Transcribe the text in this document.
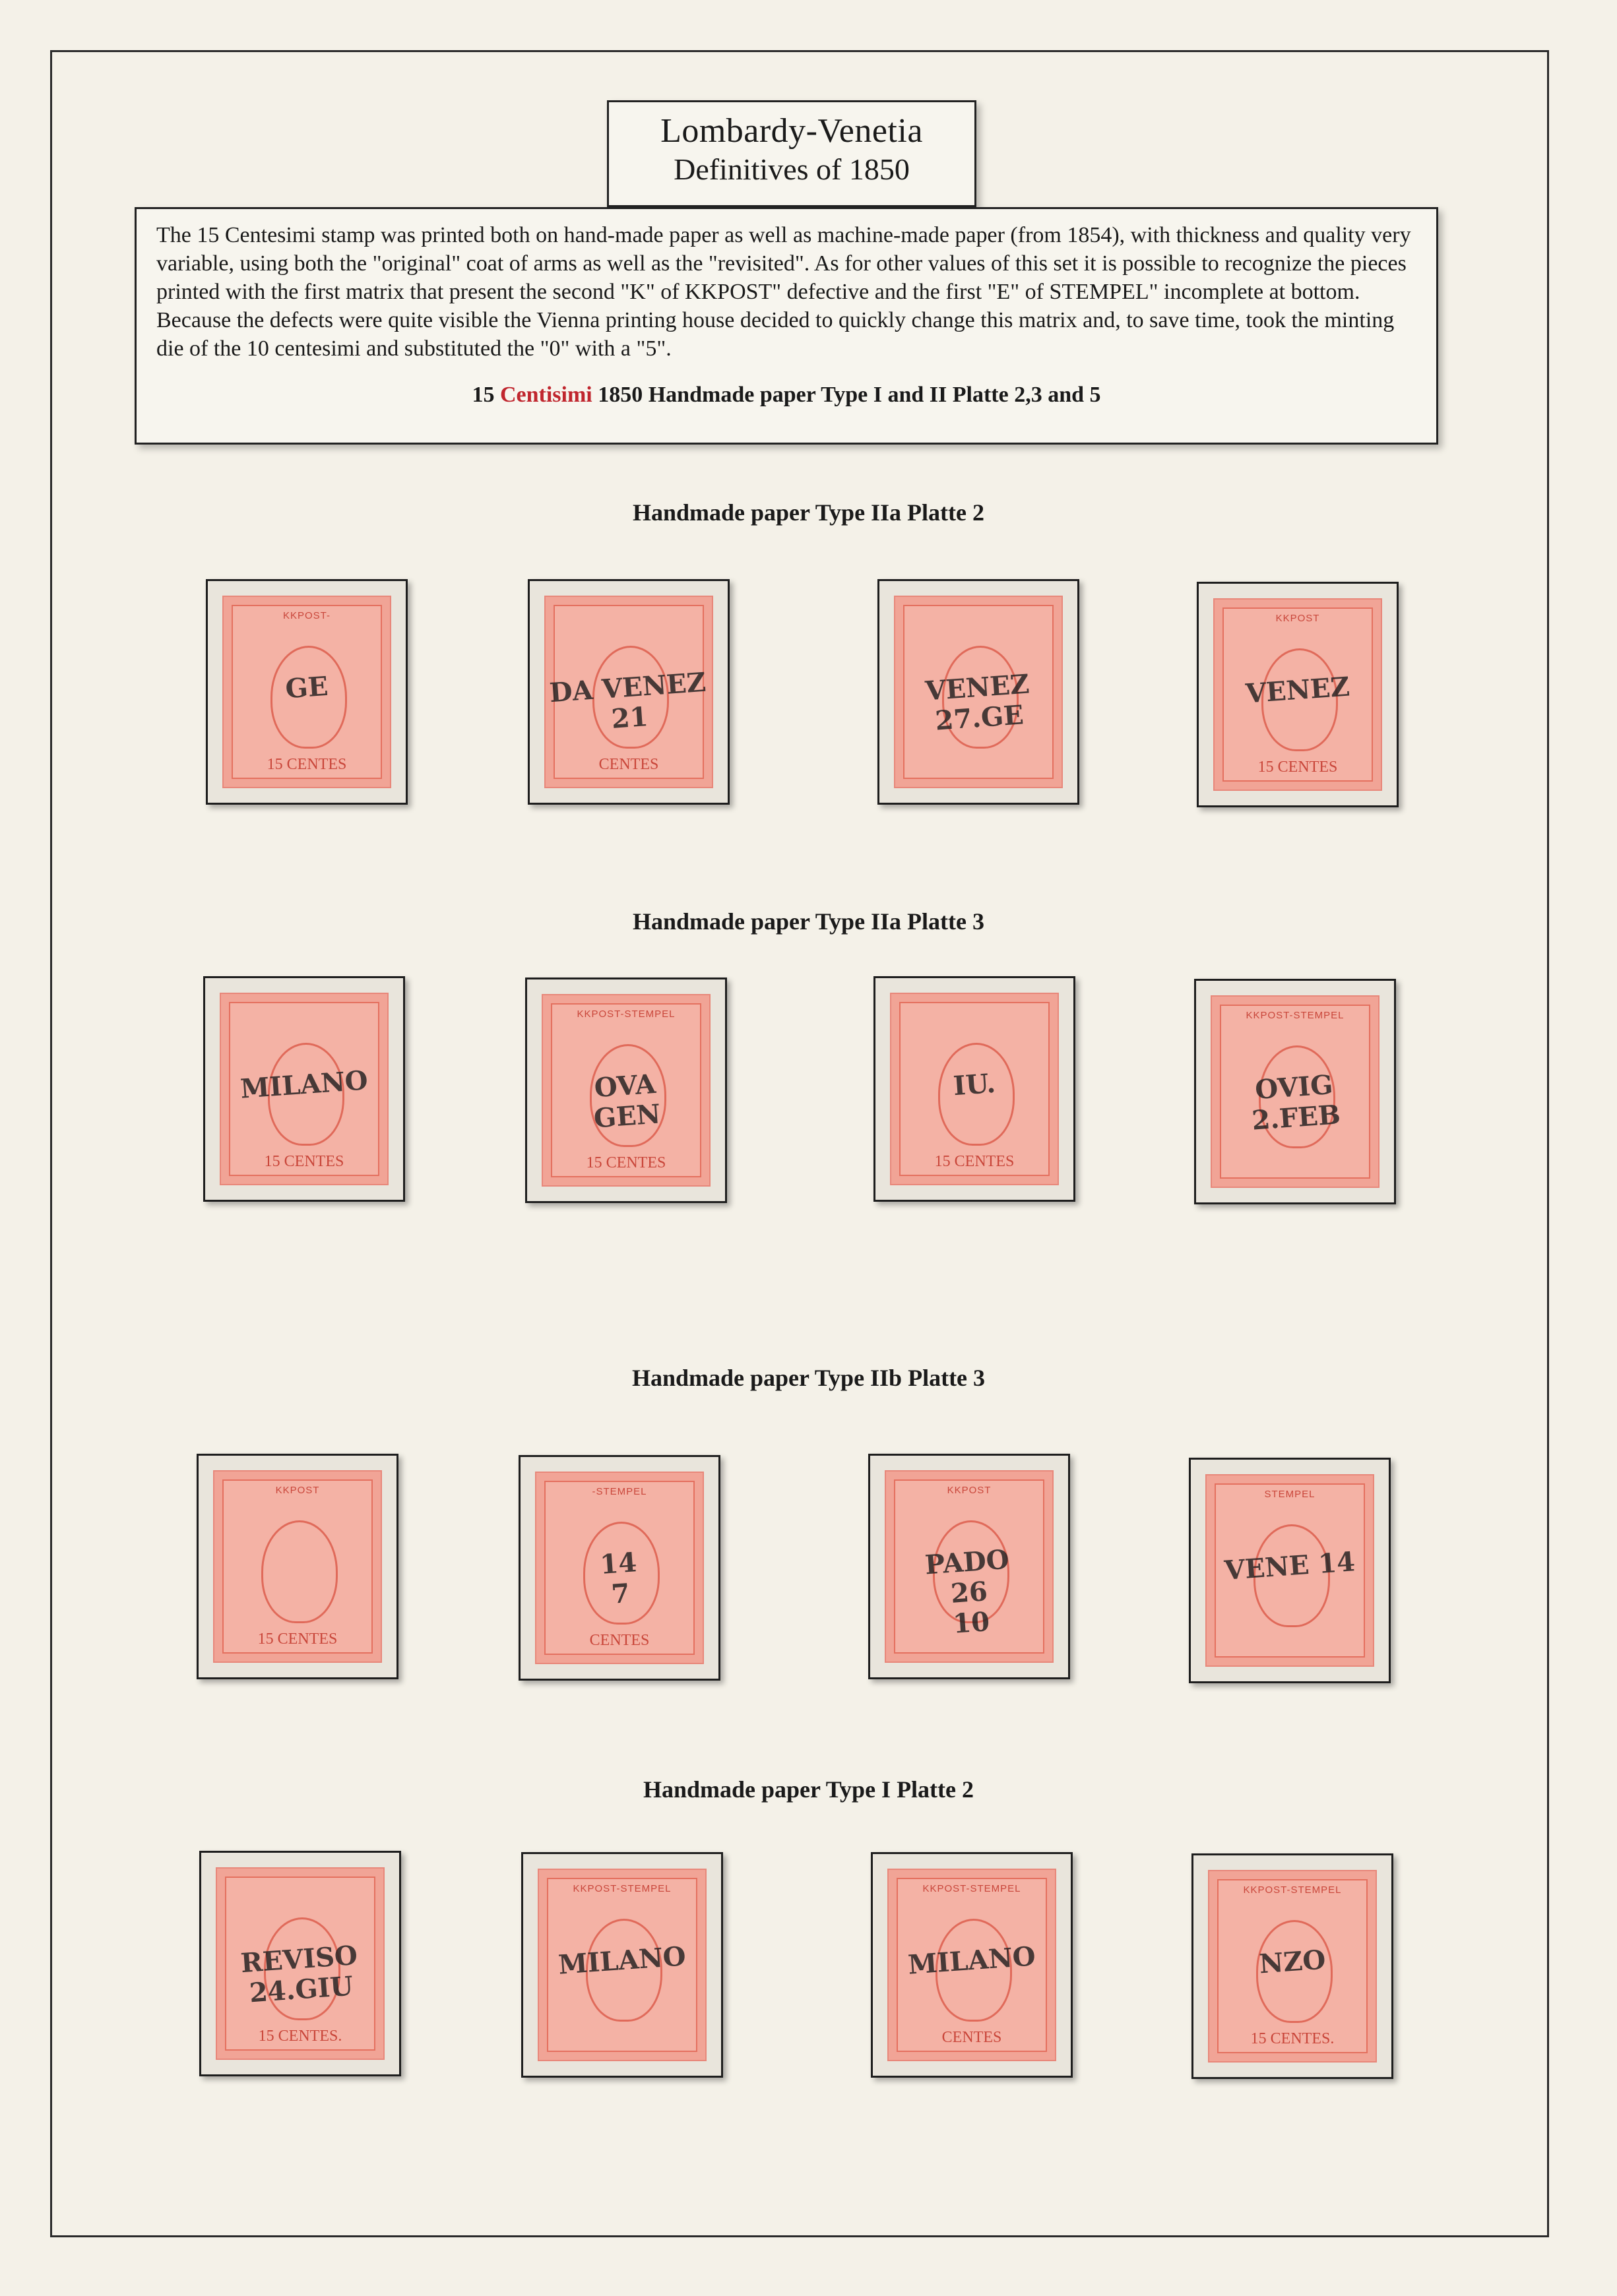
Lombardy-Venetia
Definitives of 1850

The 15 Centesimi stamp was printed both on hand-made paper as well as machine-made paper (from 1854), with thickness and quality very variable, using both the "original" coat of arms as well as the "revisited". As for other values of this set it is possible to recognize the pieces printed with the first matrix that present the second "K" of KKPOST" defective and the first "E" of STEMPEL" incomplete at bottom. Because the defects were quite visible the Vienna printing house decided to quickly change this matrix and, to save time, took the minting die of the 10 centesimi and substituted the "0" with a "5".

15 Centisimi 1850 Handmade paper Type I and II Platte 2,3 and 5
Handmade paper Type IIa Platte 2
KKPOST-
15 CENTES
GE
CENTES
DA VENEZ
21
VENEZ
27.GE
KKPOST
15 CENTES
VENEZ
Handmade paper Type IIa Platte 3
15 CENTES
MILANO
KKPOST-STEMPEL
15 CENTES
OVA
GEN
15 CENTES
IU.
KKPOST-STEMPEL
OVIG
2.FEB
Handmade paper Type IIb Platte 3
KKPOST
15 CENTES
-STEMPEL
CENTES
14
7
KKPOST
PADO
26
10
STEMPEL
VENE 14
Handmade paper Type I Platte 2
15 CENTES.
REVISO
24.GIU
KKPOST-STEMPEL
MILANO
KKPOST-STEMPEL
CENTES
MILANO
KKPOST-STEMPEL
15 CENTES.
NZO
